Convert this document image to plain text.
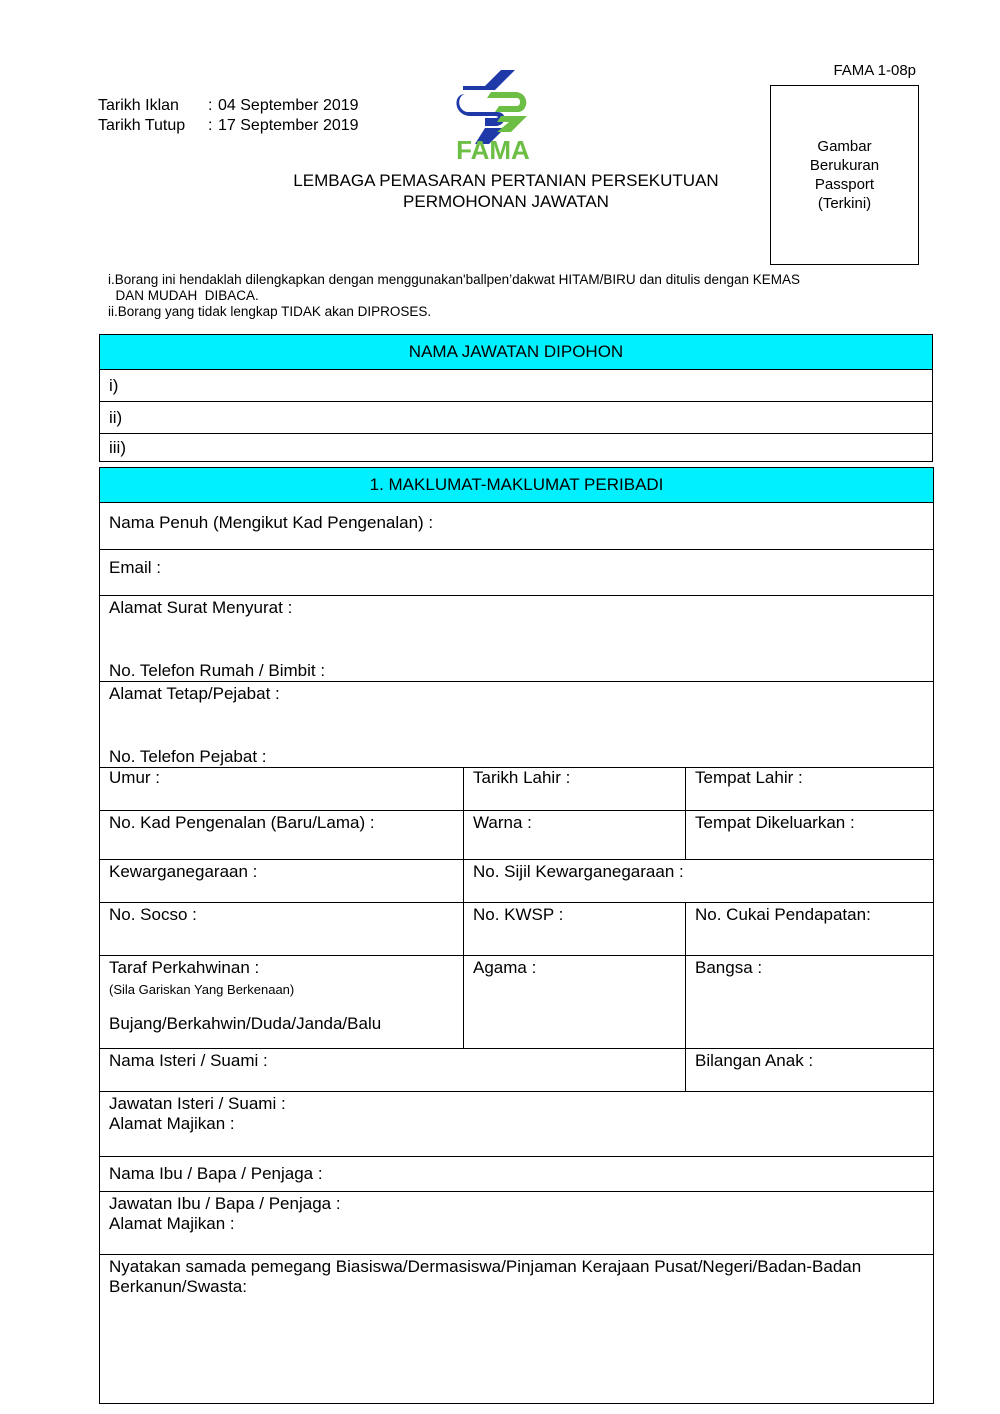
FAMA 1-08p
Tarikh Iklan	: 04 September 2019
Tarikh Tutup	: 17 September 2019
FAMA
LEMBAGA PEMASARAN PERTANIAN PERSEKUTUAN
PERMOHONAN JAWATAN
Gambar
Berukuran
Passport
(Terkini)
i.Borang ini hendaklah dilengkapkan dengan menggunakan'ballpen’dakwat HITAM/BIRU dan ditulis dengan KEMAS
DAN MUDAH  DIBACA.
ii.Borang yang tidak lengkap TIDAK akan DIPROSES.
NAMA JAWATAN DIPOHON
i)
ii)
iii)
1. MAKLUMAT-MAKLUMAT PERIBADI		
Nama Penuh (Mengikut Kad Pengenalan) :		
Email :		

Alamat Surat Menyurat :
No. Telefon Rumah / Bimbit :		

Alamat Tetap/Pejabat :
No. Telefon Pejabat :		

Umur :	Tarikh Lahir :	Tempat Lahir :
No. Kad Pengenalan (Baru/Lama) :	Warna :	Tempat Dikeluarkan :
Kewarganegaraan :	No. Sijil Kewarganegaraan :	
No. Socso :	No. KWSP :	No. Cukai Pendapatan:

Taraf Perkahwinan :
(Sila Gariskan Yang Berkenaan)
Bujang/Berkahwin/Duda/Janda/Balu	Agama :	Bangsa :
Nama Isteri / Suami :		Bilangan Anak :

Jawatan Isteri / Suami :
Alamat Majikan :		

Nama Ibu / Bapa / Penjaga :		

Jawatan Ibu / Bapa / Penjaga :
Alamat Majikan :		

Nyatakan samada pemegang Biasiswa/Dermasiswa/Pinjaman Kerajaan Pusat/Negeri/Badan-Badan Berkanun/Swasta:		
